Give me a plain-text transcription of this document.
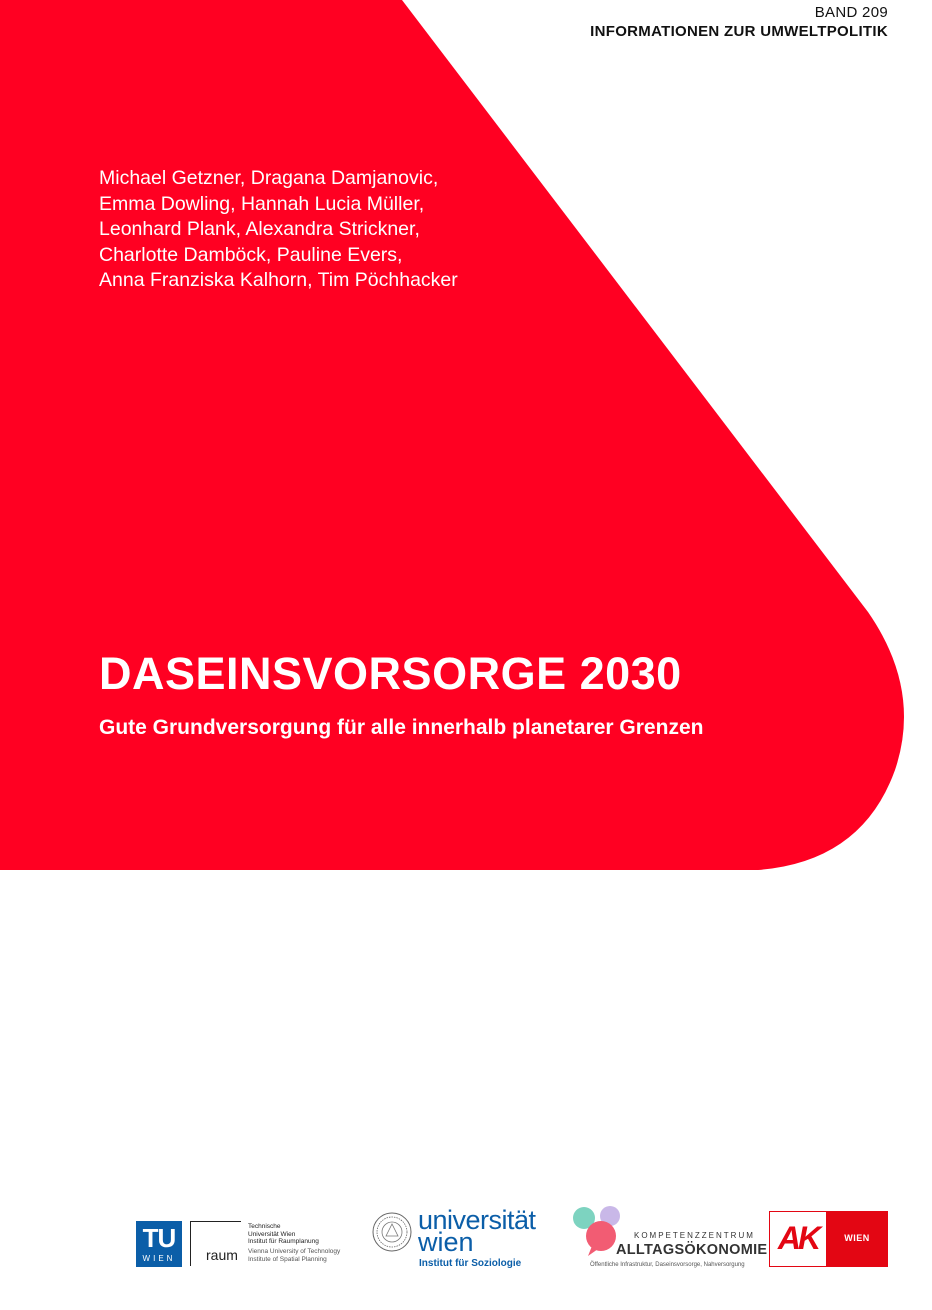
BAND 209
INFORMATIONEN ZUR UMWELTPOLITIK
Michael Getzner, Dragana Damjanovic,
Emma Dowling, Hannah Lucia Müller,
Leonhard Plank, Alexandra Strickner,
Charlotte Damböck, Pauline Evers,
Anna Franziska Kalhorn, Tim Pöchhacker
DASEINSVORSORGE 2030
Gute Grundversorgung für alle innerhalb planetarer Grenzen
TU
WIEN	raum
Technische
Universität Wien
Institut für Raumplanung
Vienna University of Technology
Institute of Spatial Planning
universität
wien
Institut für Soziologie
KOMPETENZZENTRUM
ALLTAGSÖKONOMIE
Öffentliche Infrastruktur, Daseinsvorsorge, Nahversorgung
AK	WIEN
